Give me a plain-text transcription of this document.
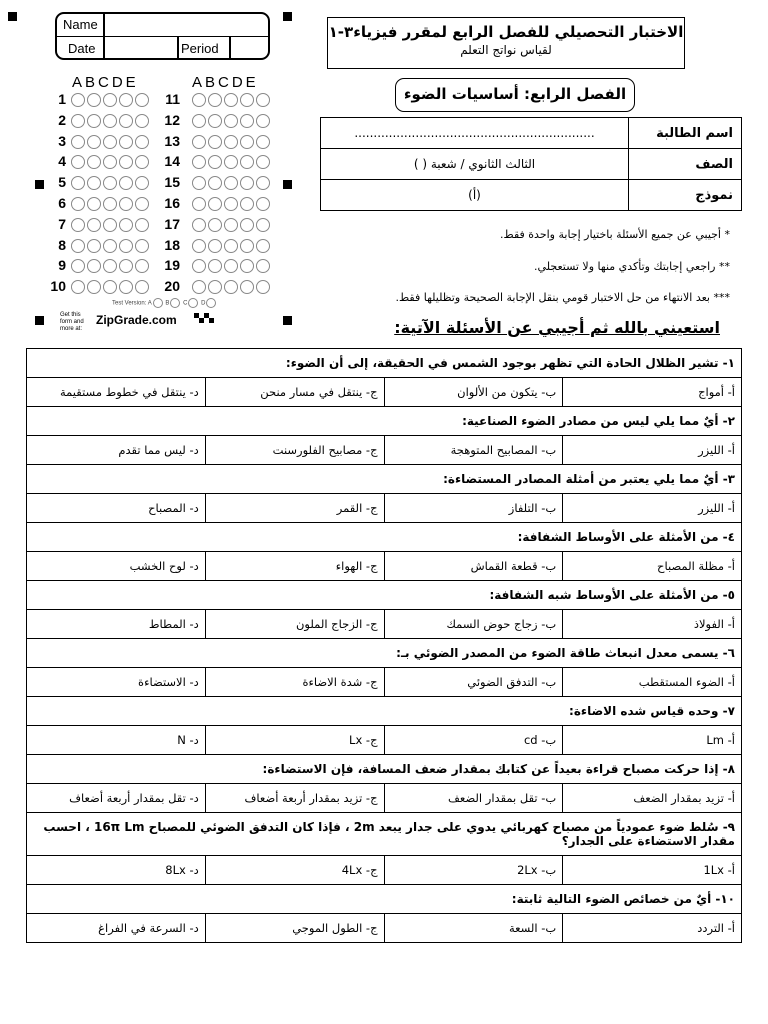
Name
Date	Period
ABCDE	ABCDE
1
2
3
4
5
6
7
8
9
10
11
12
13
14
15
16
17
18
19
20
Test Version: A B C D
Get this form and more at:
ZipGrade.com
الاختبار التحصيلي للفصل الرابع لمقرر فيزياء٣-١
لقياس نواتج التعلم
الفصل الرابع: أساسيات الضوء
اسم الطالبة	...............................................................
الصف	الثالث الثانوي / شعبة ( )
نموذج	(أ)
* أجيبي عن جميع الأسئلة باختيار إجابة واحدة فقط.
** راجعي إجابتك وتأكدي منها ولا تستعجلي.
*** بعد الانتهاء من حل الاختبار قومي بنقل الإجابة الصحيحة وتظليلها فقط.
استعيني بالله ثم أجيبي عن الأسئلة الآتية:
١- تشير الظلال الحادة التي تظهر بوجود الشمس في الحقيقة، إلى أن الضوء:			
أ- أمواج	ب- يتكون من الألوان	ج- ينتقل في مسار منحن	د- ينتقل في خطوط مستقيمة
٢- أيٌ مما يلي ليس من مصادر الضوء الصناعية:			
أ- الليزر	ب- المصابيح المتوهجة	ج- مصابيح الفلورسنت	د- ليس مما تقدم
٣- أيٌ مما يلي يعتبر من أمثلة المصادر المستضاءة:			
أ- الليزر	ب- التلفاز	ج- القمر	د- المصباح
٤- من الأمثلة على الأوساط الشفافة:			
أ- مظلة المصباح	ب- قطعة القماش	ج- الهواء	د- لوح الخشب
٥- من الأمثلة على الأوساط شبه الشفافة:			
أ- الفولاذ	ب- زجاج حوض السمك	ج- الزجاج الملون	د- المطاط
٦- يسمى معدل انبعاث طاقة الضوء من المصدر الضوئي بـ:			
أ- الضوء المستقطب	ب- التدفق الضوئي	ج- شدة الاضاءة	د- الاستضاءة
٧- وحده قياس شده الاضاءة:			
أ- Lm	ب- cd	ج- Lx	د- N
٨- إذا حركت مصباح قراءة بعيداً عن كتابك بمقدار ضعف المسافة، فإن الاستضاءة:			
أ- تزيد بمقدار الضعف	ب- تقل بمقدار الضعف	ج- تزيد بمقدار أربعة أضعاف	د- تقل بمقدار أربعة أضعاف
٩- سُلط ضوء عمودياً من مصباح كهربائي يدوي على جدار يبعد 2m ، فإذا كان التدفق الضوئي للمصباح 16π Lm ، احسب مقدار الاستضاءة على الجدار؟			
أ- 1Lx	ب- 2Lx	ج- 4Lx	د- 8Lx
١٠- أيٌ من خصائص الضوء التالية ثابتة:			
أ- التردد	ب- السعة	ج- الطول الموجي	د- السرعة في الفراغ
